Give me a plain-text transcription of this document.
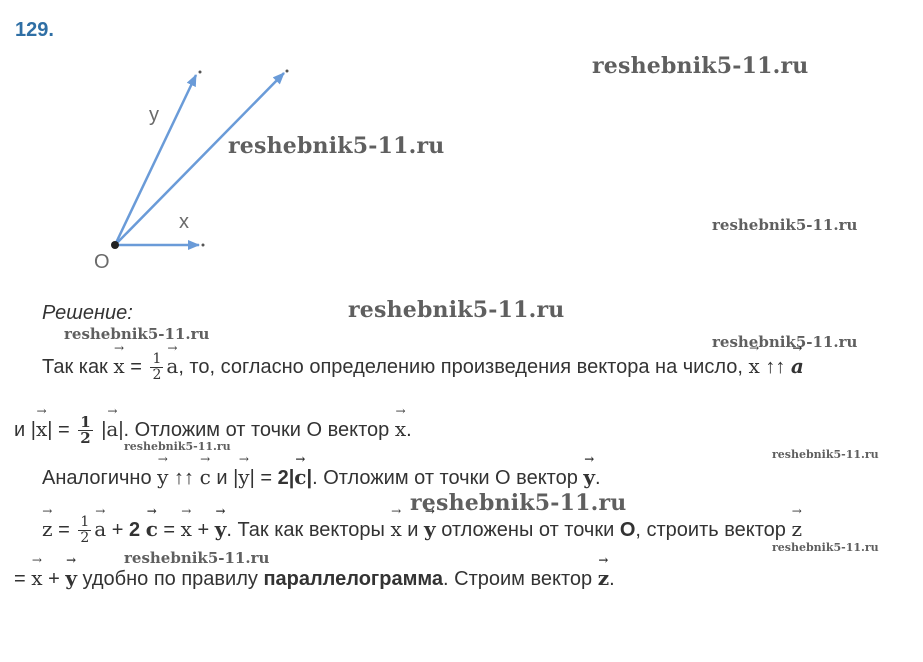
129.
reshebnik5-11.ru
reshebnik5-11.ru
reshebnik5-11.ru
reshebnik5-11.ru
reshebnik5-11.ru	reshebnik5-11.ru
reshebnik5-11.ru
reshebnik5-11.ru
reshebnik5-11.ru
reshebnik5-11.ru
reshebnik5-11.ru
y
x
O
Решение:
Так как → $x = \frac{1}{2}$
→ a, то, согласно определению произведения вектора на число, → x ↑↑ → a
и |→ $x| = \frac{1}{2}$ |→ a|. Отложим от точки O вектор → x.
Аналогично → y ↑↑ → c и |→ y| = 2|→ c|. Отложим от точки O вектор → y.
→ $z = \frac{1}{2}$
→ a + 2 → c = → x + → y. Так как векторы → x и → y отложены от точки O, строить вектор → z
= → x + → y удобно по правилу параллелограмма. Строим вектор → z.
